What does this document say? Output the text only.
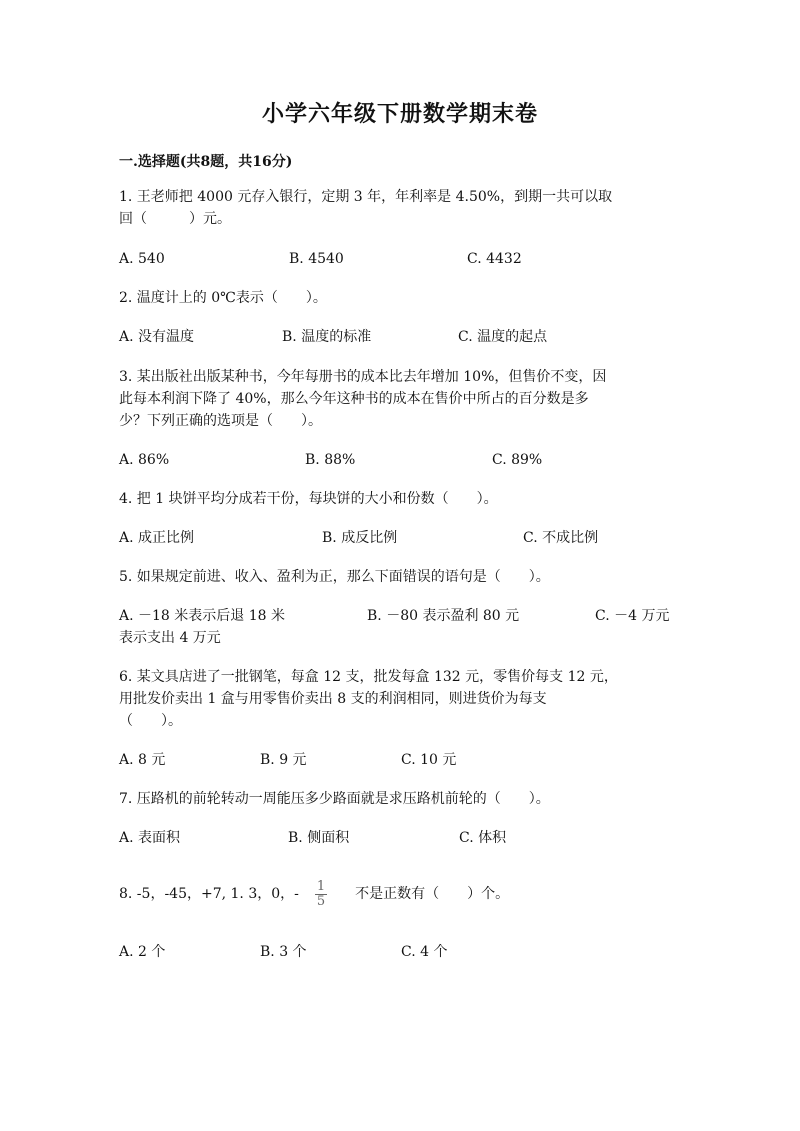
小学六年级下册数学期末卷
一.选择题(共8题，共16分)
1. 王老师把 4000 元存入银行，定期 3 年，年利率是 4.50%，到期一共可以取
回（　　　）元。
A. 540	B. 4540	C. 4432
2. 温度计上的 0℃表示（　　）。
A. 没有温度	B. 温度的标准	C. 温度的起点
3. 某出版社出版某种书，今年每册书的成本比去年增加 10%，但售价不变，因
此每本利润下降了 40%，那么今年这种书的成本在售价中所占的百分数是多
少？下列正确的选项是（　　）。
A. 86%	B. 88%	C. 89%
4. 把 1 块饼平均分成若干份，每块饼的大小和份数（　　）。
A. 成正比例	B. 成反比例	C. 不成比例
5. 如果规定前进、收入、盈利为正，那么下面错误的语句是（　　）。
A. －18 米表示后退 18 米	B. －80 表示盈利 80 元	C. －4 万元
表示支出 4 万元
6. 某文具店进了一批钢笔，每盒 12 支，批发每盒 132 元，零售价每支 12 元，
用批发价卖出 1 盒与用零售价卖出 8 支的利润相同，则进货价为每支
（　　）。
A. 8 元	B. 9 元	C. 10 元
7. 压路机的前轮转动一周能压多少路面就是求压路机前轮的（　　）。
A. 表面积	B. 侧面积	C. 体积
8. -5，-45，+7, 1. 3，0，- $\frac{1}{5}$ 不是正数有（　　）个。
A. 2 个	B. 3 个	C. 4 个
